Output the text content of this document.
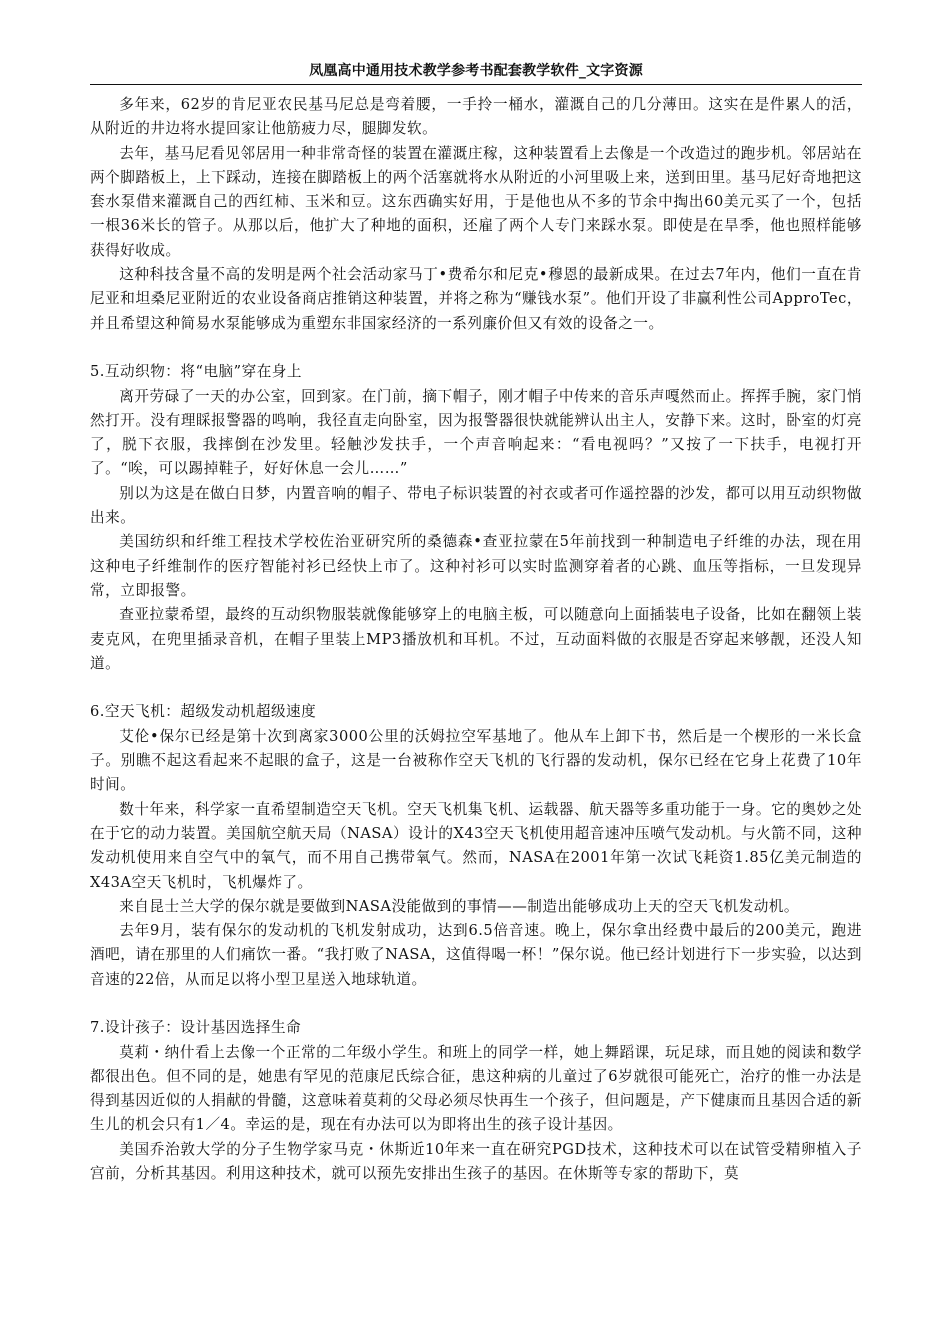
凤凰高中通用技术教学参考书配套教学软件_文字资源

多年来，62岁的肯尼亚农民基马尼总是弯着腰，一手拎一桶水，灌溉自己的几分薄田。这实在是件累人的活，从附近的井边将水提回家让他筋疲力尽，腿脚发软。

去年，基马尼看见邻居用一种非常奇怪的装置在灌溉庄稼，这种装置看上去像是一个改造过的跑步机。邻居站在两个脚踏板上，上下踩动，连接在脚踏板上的两个活塞就将水从附近的小河里吸上来，送到田里。基马尼好奇地把这套水泵借来灌溉自己的西红柿、玉米和豆。这东西确实好用，于是他也从不多的节余中掏出60美元买了一个，包括一根36米长的管子。从那以后，他扩大了种地的面积，还雇了两个人专门来踩水泵。即使是在旱季，他也照样能够获得好收成。

这种科技含量不高的发明是两个社会活动家马丁•费希尔和尼克•穆恩的最新成果。在过去7年内，他们一直在肯尼亚和坦桑尼亚附近的农业设备商店推销这种装置，并将之称为“赚钱水泵”。他们开设了非赢利性公司ApproTec，并且希望这种简易水泵能够成为重塑东非国家经济的一系列廉价但又有效的设备之一。

5.互动织物：将“电脑”穿在身上

离开劳碌了一天的办公室，回到家。在门前，摘下帽子，刚才帽子中传来的音乐声嘎然而止。挥挥手腕，家门悄然打开。没有理睬报警器的鸣响，我径直走向卧室，因为报警器很快就能辨认出主人，安静下来。这时，卧室的灯亮了，脱下衣服，我摔倒在沙发里。轻触沙发扶手，一个声音响起来：“看电视吗？”又按了一下扶手，电视打开了。“唉，可以踢掉鞋子，好好休息一会儿……”

别以为这是在做白日梦，内置音响的帽子、带电子标识装置的衬衣或者可作遥控器的沙发，都可以用互动织物做出来。

美国纺织和纤维工程技术学校佐治亚研究所的桑德森•查亚拉蒙在5年前找到一种制造电子纤维的办法，现在用这种电子纤维制作的医疗智能衬衫已经快上市了。这种衬衫可以实时监测穿着者的心跳、血压等指标，一旦发现异常，立即报警。

查亚拉蒙希望，最终的互动织物服装就像能够穿上的电脑主板，可以随意向上面插装电子设备，比如在翻领上装麦克风，在兜里插录音机，在帽子里装上MP3播放机和耳机。不过，互动面料做的衣服是否穿起来够靓，还没人知道。

6.空天飞机：超级发动机超级速度

艾伦•保尔已经是第十次到离家3000公里的沃姆拉空军基地了。他从车上卸下书，然后是一个楔形的一米长盒子。别瞧不起这看起来不起眼的盒子，这是一台被称作空天飞机的飞行器的发动机，保尔已经在它身上花费了10年时间。

数十年来，科学家一直希望制造空天飞机。空天飞机集飞机、运载器、航天器等多重功能于一身。它的奥妙之处在于它的动力装置。美国航空航天局（NASA）设计的X43空天飞机使用超音速冲压喷气发动机。与火箭不同，这种发动机使用来自空气中的氧气，而不用自己携带氧气。然而，NASA在2001年第一次试飞耗资1.85亿美元制造的X43A空天飞机时，飞机爆炸了。

来自昆士兰大学的保尔就是要做到NASA没能做到的事情——制造出能够成功上天的空天飞机发动机。

去年9月，装有保尔的发动机的飞机发射成功，达到6.5倍音速。晚上，保尔拿出经费中最后的200美元，跑进酒吧，请在那里的人们痛饮一番。“我打败了NASA，这值得喝一杯！”保尔说。他已经计划进行下一步实验，以达到音速的22倍，从而足以将小型卫星送入地球轨道。

7.设计孩子：设计基因选择生命

莫莉・纳什看上去像一个正常的二年级小学生。和班上的同学一样，她上舞蹈课，玩足球，而且她的阅读和数学都很出色。但不同的是，她患有罕见的范康尼氏综合征，患这种病的儿童过了6岁就很可能死亡，治疗的惟一办法是得到基因近似的人捐献的骨髓，这意味着莫莉的父母必须尽快再生一个孩子，但问题是，产下健康而且基因合适的新生儿的机会只有1／4。幸运的是，现在有办法可以为即将出生的孩子设计基因。

美国乔治敦大学的分子生物学家马克・休斯近10年来一直在研究PGD技术，这种技术可以在试管受精卵植入子宫前，分析其基因。利用这种技术，就可以预先安排出生孩子的基因。在休斯等专家的帮助下，莫
